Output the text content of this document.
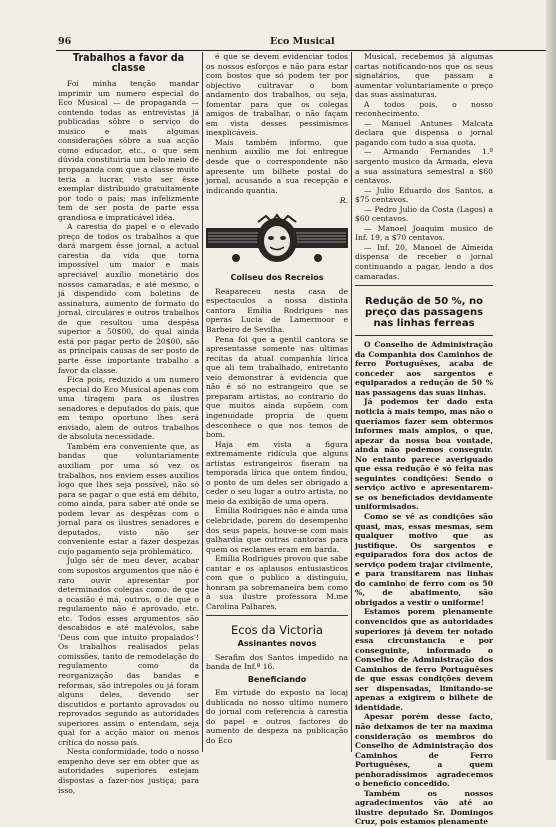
96	Eco Musical
Trabalhos a favor da classe

Foi minha tenção mandar imprimir um numero especial do Eco Musical — de propaganda — contendo todas as entrevistas já publicadas sôbre o serviço do musico e mais algumas considerações sôbre a sua acção como educador, etc., o que sem dúvida constituiria um belo meio de propaganda com que a classe muito teria a lucrar, visto ser êsse exemplar distribuido gratuitamente por todo o país; mas infelizmente tem de ser posta de parte essa grandiosa e impraticável idéa.

A carestia do papel e o elevado preço de todos os trabalhos a que dará margem êsse jornal, a actual carestia da vida que torna impossível um maior e mais apreciável auxílio monetário dos nossos camaradas, e até mesmo, o já dispendido com boletins de assinatura, aumento de formato do jornal, circulares e outros trabalhos de que resultou uma despêsa superior a 50$00, do qual ainda está por pagar perto de 20$00, são as principais causas de ser posto de parte êsse importante trabalho a favor da classe.

Fica pois, reduzido a um numero especial do Eco Musical apenas com uma tiragem para os ilustres senadores e deputados do país, que em tempo oportuno lhes será enviado, alem de outros trabalhos de absoluta necessidade.

Também era conveniente que, as bandas que voluntariamente auxiliam por uma só vez os trabalhos, nos enviem esses auxílios logo que lhes seja possível, não só para se pagar o que está em débito, como ainda, para saber até onde se podem levar as despêzas com o jornal para os ilustres senadores e deputados, visto não ser conveniente estar a fazer despezas cujo pagamento seja problemático.

Julgo sêr de meu dever, acabar com supostos argumentos que não é raro ouvir apresentar por determinados colegas como: de que a ocasião é má, outros, o de que o regulamento não é aprovado, etc. etc. Todos esses argumentos são descabidos e até malévolos, sabe 'Deus com que intuito propalados'! Os trabalhos realisados pelas comissões, tanto de remodelação do regulamento como da reorganização das bandas e reformas, são intrepoles ou já foram alguns deles, devendo ser discutidos e portanto aprovados ou reprovados segundo as autoridades superiores assim o entendam, seja qual for a acção maior ou menos crítica do nosso país.

Nesta conformidade, todo o nosso empenho deve ser em obter que as autoridades superiores estejam dispostas a fazer-nos justiça; para isso,

é que se devem evidenciar todos os nossos esforços e não para estar com bostos que só podem ter por objectivo cultravar o bom andamento dos trabalhos, ou seja, fomentar para que os colegas amigos de trabalhar, o não façam em vista desses pessimismos inexplicáveis.

Mais também informo, que nenhum auxílio me foi entregue desde que o correspondente não apresente um bilhete postal do jornal, acusando a sua recepção e indicando quantia.

R.
Coliseu dos Recreios

Reapareceu nesta casa de espectaculos a nossa distinta cantora Emília Rodrigues nas operas Lucia de Lamermoor e Barbeiro de Sevilha.

Pena foi que a gentil cantora se apresentasse somente nas ultimas recitas da atual companhia lírica que ali tem trabalhado, entretanto veio demonstrar à evidencia que não é só no estrangeiro que se preparam artistas, ao contrario do que muitos ainda supõem com ingenuidade propria de quem desconhece o que nos temos de bom.

Haja em vista a figura extremamente ridícula que alguns artistas estrangeiros fiseram na temporada lírica que ontem findou, o ponto de um deles ser obrigado a ceder o seu lugar a outro artista, no meio da exibição de uma opera.

Emília Rodrigues não é ainda uma celebridade, porem do desempenho dos seus papeis, houve-se com mais galhardia que outras cantoras para quem os reclames eram em barda.

Emília Rodrigues provou que sabe cantar e os aplausos entusiasticos com que o publico a distinguiu, honram pa sobremaneira bem como à sua ilustre professora M.me Carolina Palhares.

Ecos da Victoria
Assinantes novos

Serafim dos Santos impedido na banda de Inf.ª 16.

Beneficiando

Em virtude do exposto na locaj dublicada no nosso ultimo numero do jornal com referencia à carestia do papel e outros factores do aumento de despeza na publicação do Eco

Musical, recebemos já algumas cartas notificando-nos que os seus signatários, que passam a aumentar voluntariamente o preço das suas assinaturas.

A todos pois, o nosso reconhecimento.

— Manuel Antunes Malcata declara que dispensa o jornal pagando com tudo a sua quota.

— Armando Fernandes 1.º sargento musico da Armada, eleva a sua assinatura semestral a $60 centavos.

— Julio Eduardo dos Santos, a $75 centavos.

— Pedro Julio da Costa (Lagos) a $60 centavos.

— Manoel Joaquim musico de Inf. 19, a $70 centavos.

— Inf. 20, Manoel de Almeida dispensa de receber o jornal continuando a pagar, lendo a dos camaradas.

Redução de 50 %, no preço das passagens nas linhas ferreas

O Conselho de Administração da Companhia dos Caminhos de ferro Portuguêses, acaba de conceder aos sargentos e equiparados a redução de 50 % nas passagens das suas linhas.

Já podemos ter dado esta noticia à mais tempo, mas não o queríamos fazer sem obtermos informes mais amplos, o que, apezar da nossa boa vontade, ainda não podemos conseguir. No entanto parece averiguado que essa redução é só feita nas seguintes condições: Sendo o serviço activo e apresentarem-se os beneficiados devidamente uniformisados.

Como se vê as condições são quasi, mas, essas mesmas, sem qualquer motivo que as justifique. Os sargentos e equiparados fora dos actos de serviço podem trajar civilmente, e para transitarem nas linhas do caminho de ferro com os 50 %, de abatimento, são obrigados a vestir o uniforme!

Estamos porem plenamente convencidos que as autoridades superiores já devem ter notado essa circunstancia e por conseguinte, informado o Conselho de Administração dos Caminhos de ferro Portuguêses de que essas condições devem ser dispensadas, limitando-se apenas a exigirem o bilhete de identidade.

Apesar porém desse facto, não deixamos de ter na maxima consideração os membros do Conselho de Administração dos Caminhos de Ferro Portuguêses, a quem penhoradíssimos agradecemos o beneficio concedido.

Também os nossos agradecimentos vão até ao ilustre deputado Sr. Domingos Cruz, pois estamos plenamente
